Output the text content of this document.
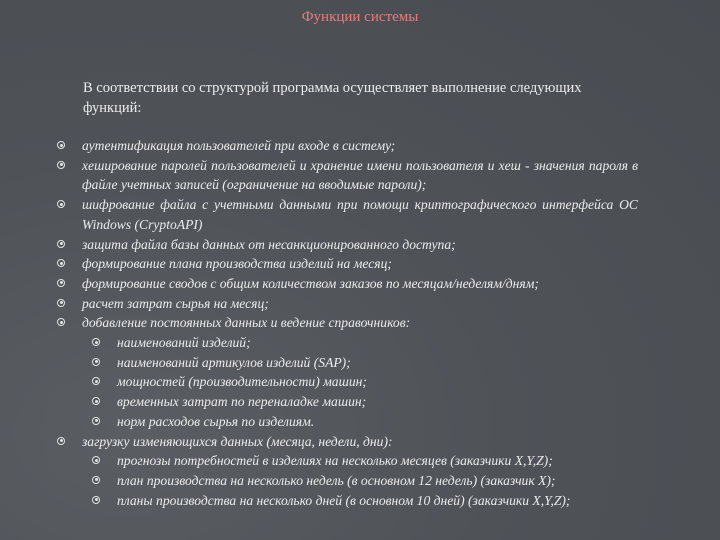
Функции системы
В соответствии со структурой программа осуществляет выполнение следующих функций:
аутентификация пользователей при входе в систему;
хеширование паролей пользователей и хранение имени пользователя и хеш - значения пароля в файле учетных записей (ограничение на вводимые пароли);
шифрование файла с учетными данными при помощи криптографического интерфейса ОС Windows (CryptoAPI)
защита файла базы данных от несанкционированного доступа;
формирование плана производства изделий на месяц;
формирование сводов с общим количеством заказов по месяцам/неделям/дням;
расчет затрат сырья на месяц;
добавление постоянных данных и ведение справочников:
наименований изделий;
наименований артикулов изделий (SAP);
мощностей (производительности) машин;
временных затрат по переналадке машин;
норм расходов сырья по изделиям.
загрузку изменяющихся данных (месяца, недели, дни):
прогнозы потребностей в изделиях на несколько месяцев (заказчики X,Y,Z);
план производства на несколько недель (в основном 12 недель) (заказчик X);
планы производства на несколько дней (в основном 10 дней) (заказчики X,Y,Z);
